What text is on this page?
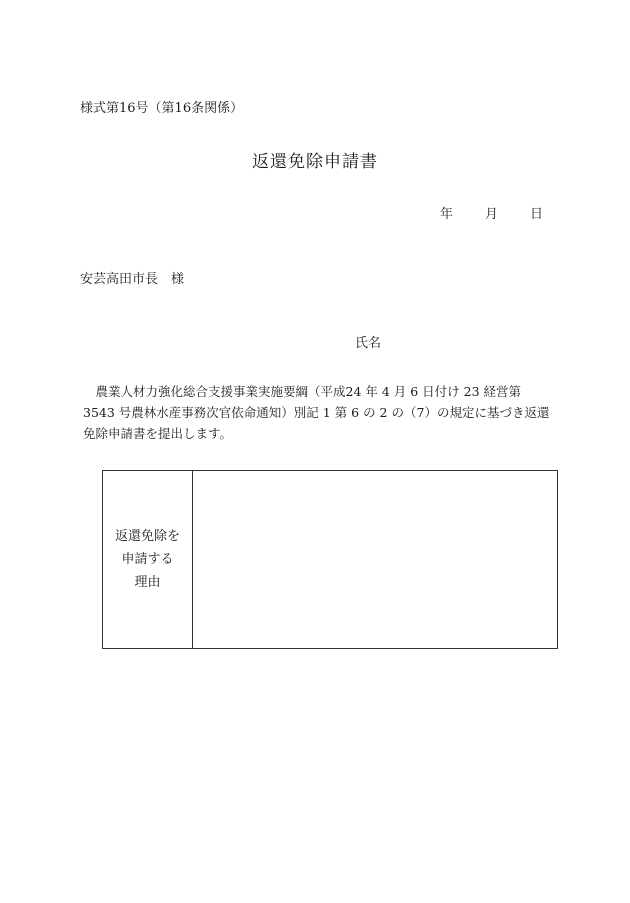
様式第16号（第16条関係）
返還免除申請書
年 月 日
安芸高田市長　様
氏名
　農業人材力強化総合支援事業実施要綱（平成24 年 4 月 6 日付け 23 経営第
3543 号農林水産事務次官依命通知）別記 1 第 6 の 2 の（7）の規定に基づき返還
免除申請書を提出します。
返還免除を
申請する
理由
